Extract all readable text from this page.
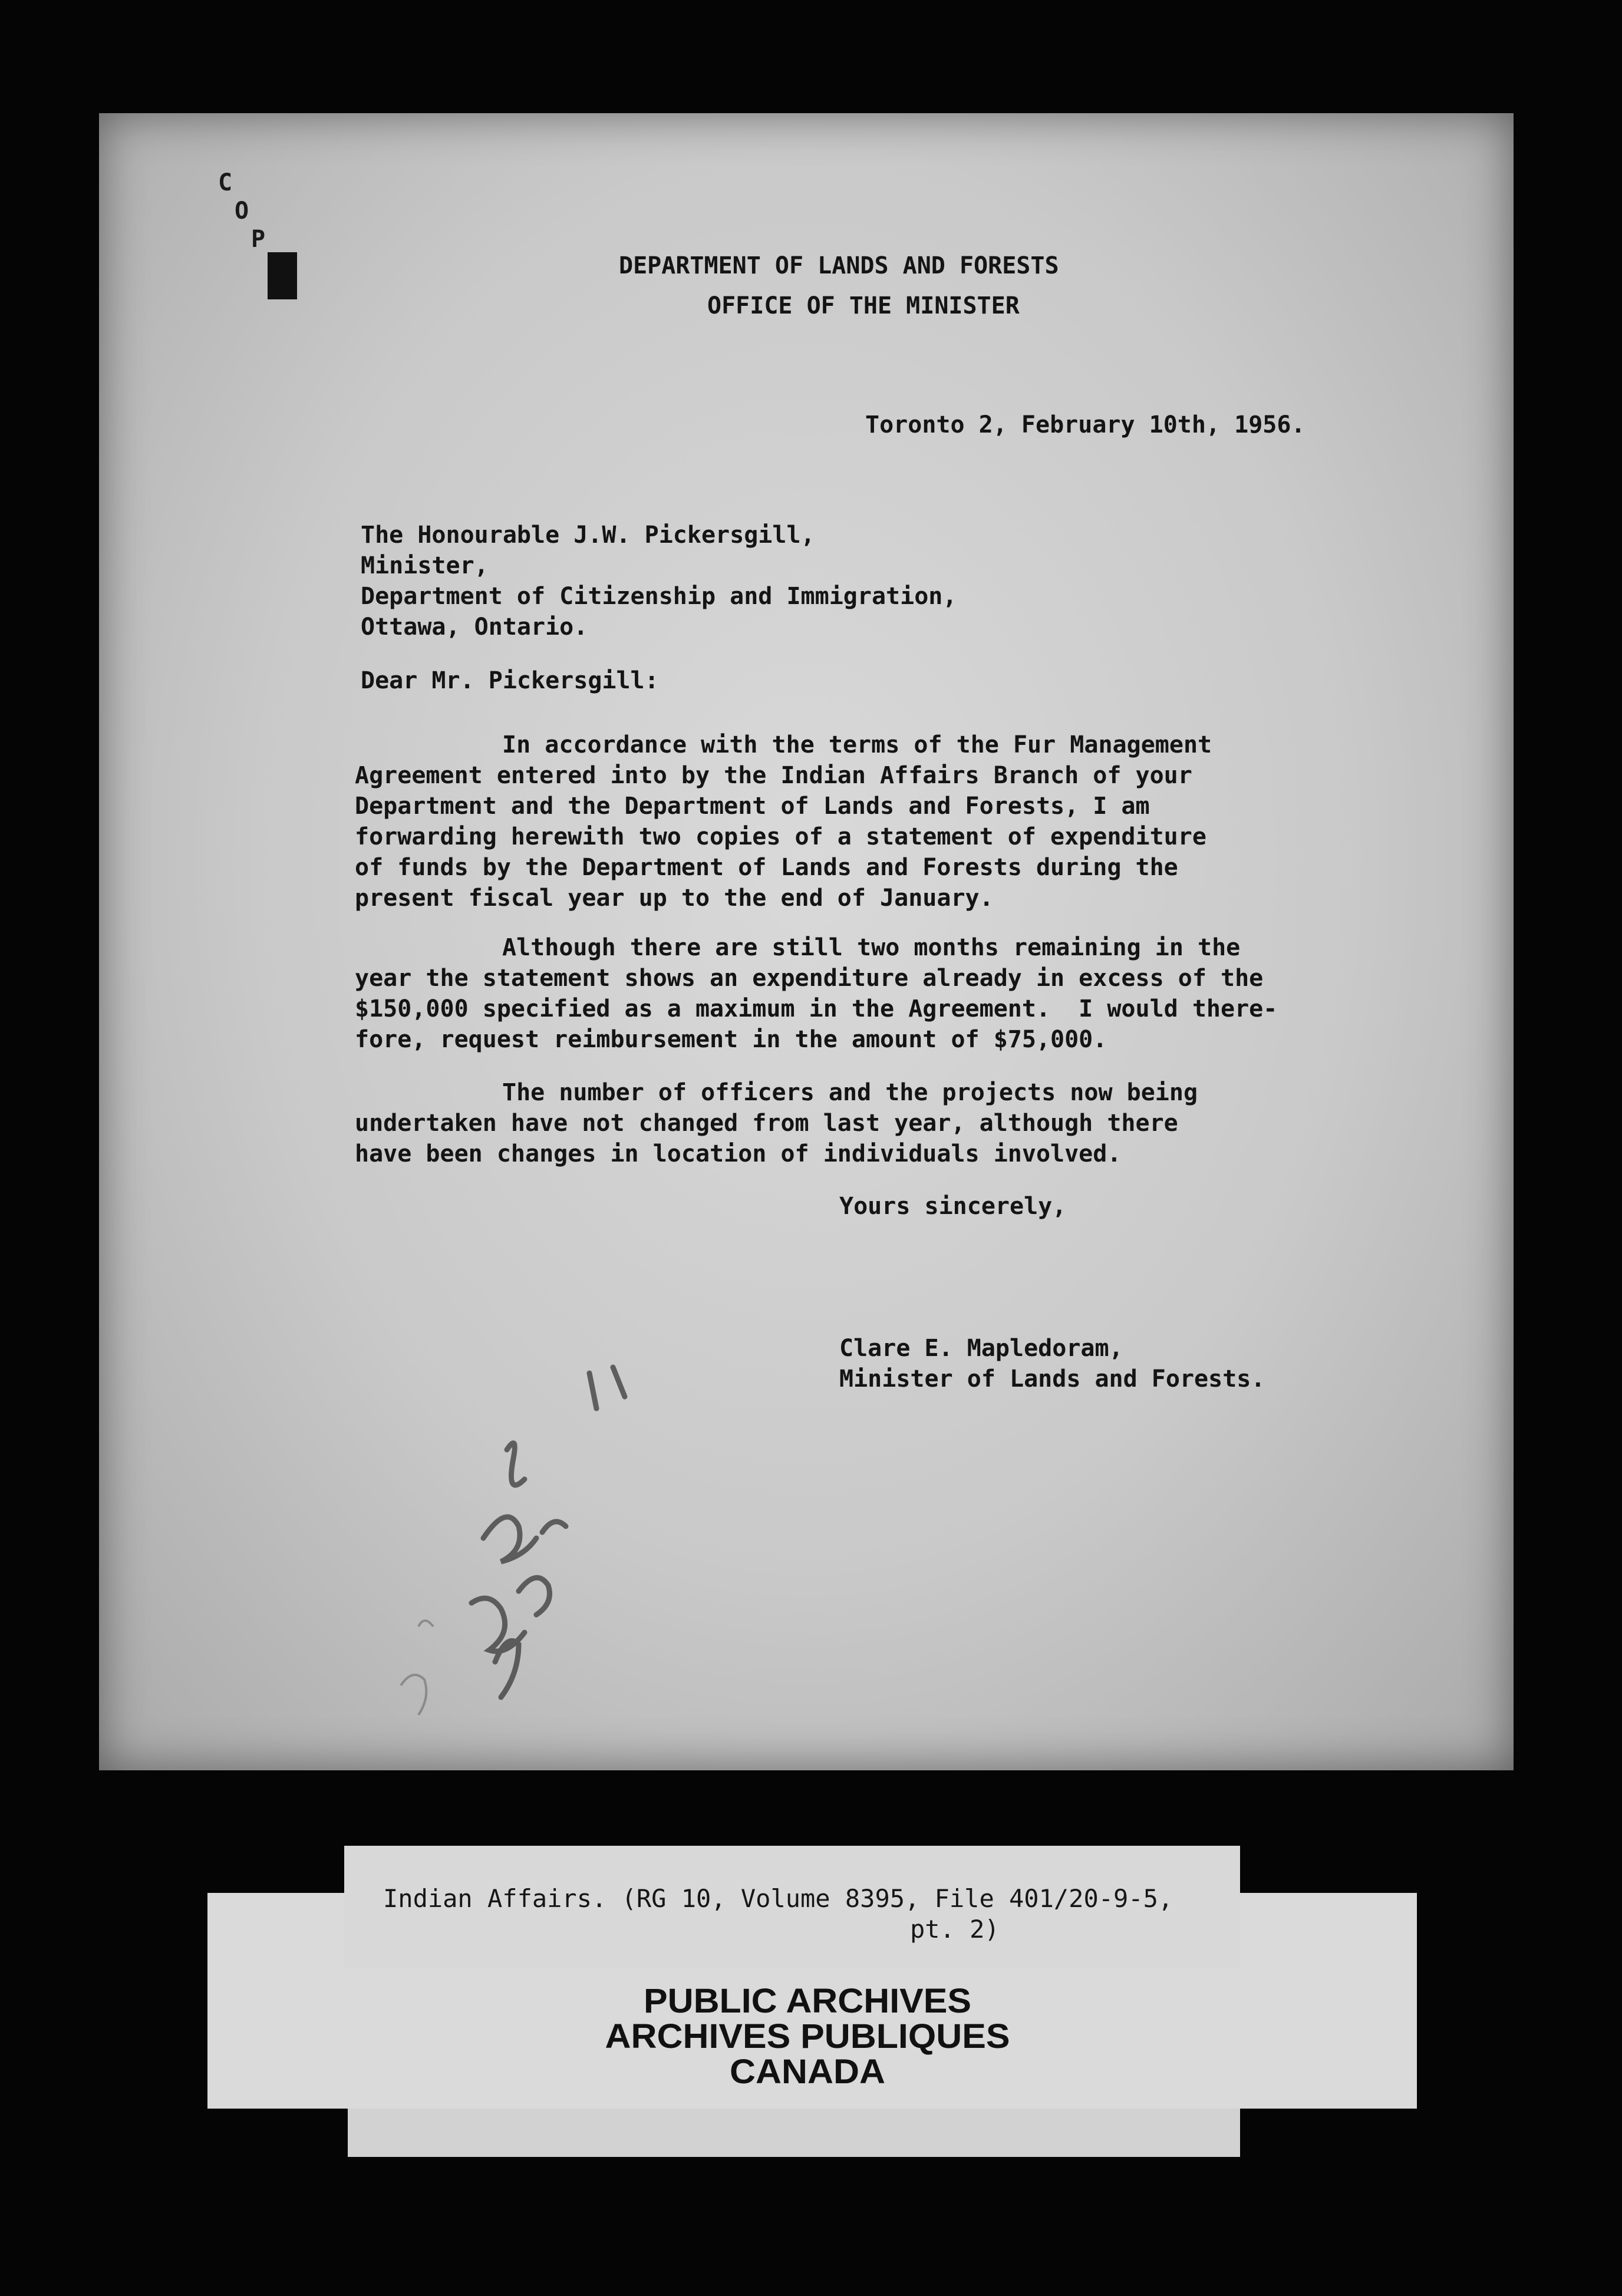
C
O
P
Y	DEPARTMENT OF LANDS AND FORESTS
OFFICE OF THE MINISTER
Toronto 2, February 10th, 1956.
The Honourable J.W. Pickersgill,
Minister,
Department of Citizenship and Immigration,
Ottawa, Ontario.
Dear Mr. Pickersgill:
In accordance with the terms of the Fur Management
Agreement entered into by the Indian Affairs Branch of your
Department and the Department of Lands and Forests, I am
forwarding herewith two copies of a statement of expenditure
of funds by the Department of Lands and Forests during the
present fiscal year up to the end of January.
Although there are still two months remaining in the
year the statement shows an expenditure already in excess of the
$150,000 specified as a maximum in the Agreement.  I would there-
fore, request reimbursement in the amount of $75,000.
The number of officers and the projects now being
undertaken have not changed from last year, although there
have been changes in location of individuals involved.
Yours sincerely,
Clare E. Mapledoram,
Minister of Lands and Forests.
Indian Affairs. (RG 10, Volume 8395, File 401/20-9-5,
pt. 2)
PUBLIC ARCHIVES
ARCHIVES PUBLIQUES
CANADA
